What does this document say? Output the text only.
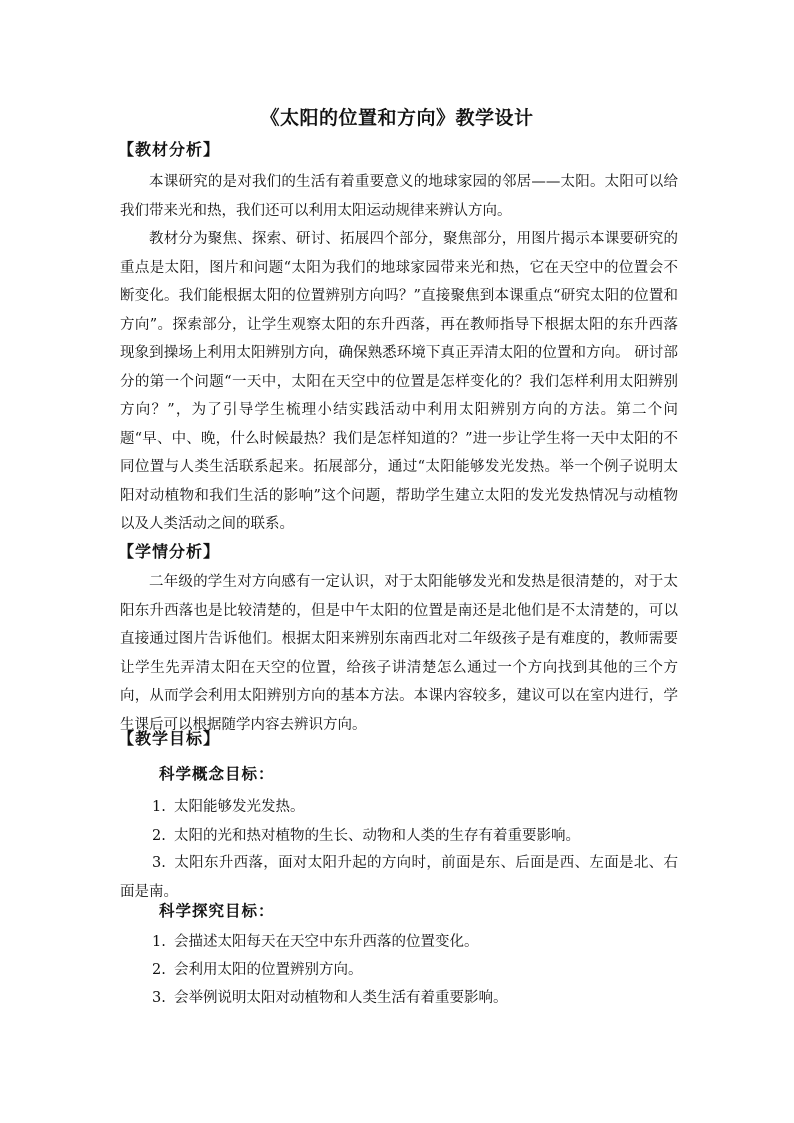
《太阳的位置和方向》教学设计
【教材分析】
本课研究的是对我们的生活有着重要意义的地球家园的邻居——太阳。太阳可以给我们带来光和热，我们还可以利用太阳运动规律来辨认方向。
教材分为聚焦、探索、研讨、拓展四个部分，聚焦部分，用图片揭示本课要研究的重点是太阳，图片和问题“太阳为我们的地球家园带来光和热，它在天空中的位置会不断变化。我们能根据太阳的位置辨别方向吗？”直接聚焦到本课重点“研究太阳的位置和方向”。探索部分，让学生观察太阳的东升西落，再在教师指导下根据太阳的东升西落现象到操场上利用太阳辨别方向，确保熟悉环境下真正弄清太阳的位置和方向。 研讨部分的第一个问题“一天中，太阳在天空中的位置是怎样变化的？我们怎样利用太阳辨别方向？”，为了引导学生梳理小结实践活动中利用太阳辨别方向的方法。第二个问题“早、中、晚，什么时候最热？我们是怎样知道的？”进一步让学生将一天中太阳的不同位置与人类生活联系起来。拓展部分，通过“太阳能够发光发热。举一个例子说明太阳对动植物和我们生活的影响”这个问题，帮助学生建立太阳的发光发热情况与动植物以及人类活动之间的联系。
【学情分析】
二年级的学生对方向感有一定认识，对于太阳能够发光和发热是很清楚的，对于太阳东升西落也是比较清楚的，但是中午太阳的位置是南还是北他们是不太清楚的，可以直接通过图片告诉他们。根据太阳来辨别东南西北对二年级孩子是有难度的，教师需要让学生先弄清太阳在天空的位置，给孩子讲清楚怎么通过一个方向找到其他的三个方向，从而学会利用太阳辨别方向的基本方法。本课内容较多，建议可以在室内进行，学生课后可以根据随学内容去辨识方向。
【教学目标】
科学概念目标：
1. 太阳能够发光发热。
2. 太阳的光和热对植物的生长、动物和人类的生存有着重要影响。
3. 太阳东升西落，面对太阳升起的方向时，前面是东、后面是西、左面是北、右面是南。
科学探究目标：
1. 会描述太阳每天在天空中东升西落的位置变化。
2. 会利用太阳的位置辨别方向。
3. 会举例说明太阳对动植物和人类生活有着重要影响。
